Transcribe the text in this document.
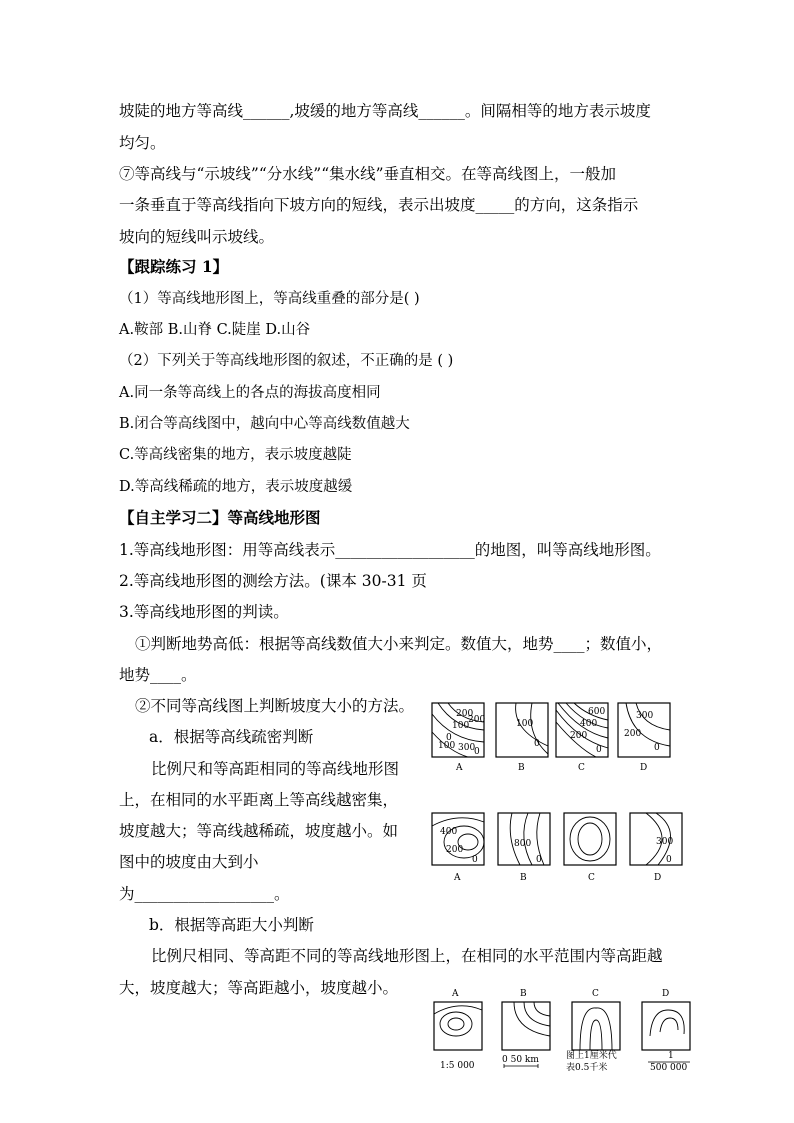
坡陡的地方等高线______,坡缓的地方等高线______。间隔相等的地方表示坡度
均匀。
⑦等高线与“示坡线”“分水线”“集水线”垂直相交。在等高线图上，一般加
一条垂直于等高线指向下坡方向的短线，表示出坡度_____的方向，这条指示
坡向的短线叫示坡线。
【跟踪练习 1】
（1）等高线地形图上，等高线重叠的部分是( )
A.鞍部 B.山脊 C.陡崖 D.山谷
（2）下列关于等高线地形图的叙述，不正确的是 ( )
A.同一条等高线上的各点的海拔高度相同
B.闭合等高线图中，越向中心等高线数值越大
C.等高线密集的地方，表示坡度越陡
D.等高线稀疏的地方，表示坡度越缓
【自主学习二】等高线地形图
1.等高线地形图：用等高线表示__________________的地图，叫等高线地形图。
2.等高线地形图的测绘方法。(课本 30-31 页
3.等高线地形图的判读。
①判断地势高低：根据等高线数值大小来判定。数值大，地势____；数值小，
地势____。
②不同等高线图上判断坡度大小的方法。
a．根据等高线疏密判断
比例尺和等高距相同的等高线地形图
上，在相同的水平距离上等高线越密集，
坡度越大；等高线越稀疏，坡度越小。如
图中的坡度由大到小
为__________________。
b．根据等高距大小判断
比例尺相同、等高距不同的等高线地形图上，在相同的水平范围内等高距越
大，坡度越大；等高距越小，坡度越小。
200
100
0
300
200
100
0
100
0
600
400
200
0
300
200
0
A	B	C	D
400
200
0
800
0
300
0
A	B	C	D
A	B	C	D
1:5 000
0 50 km	图上1厘米代
表0.5千米
1
500 000
